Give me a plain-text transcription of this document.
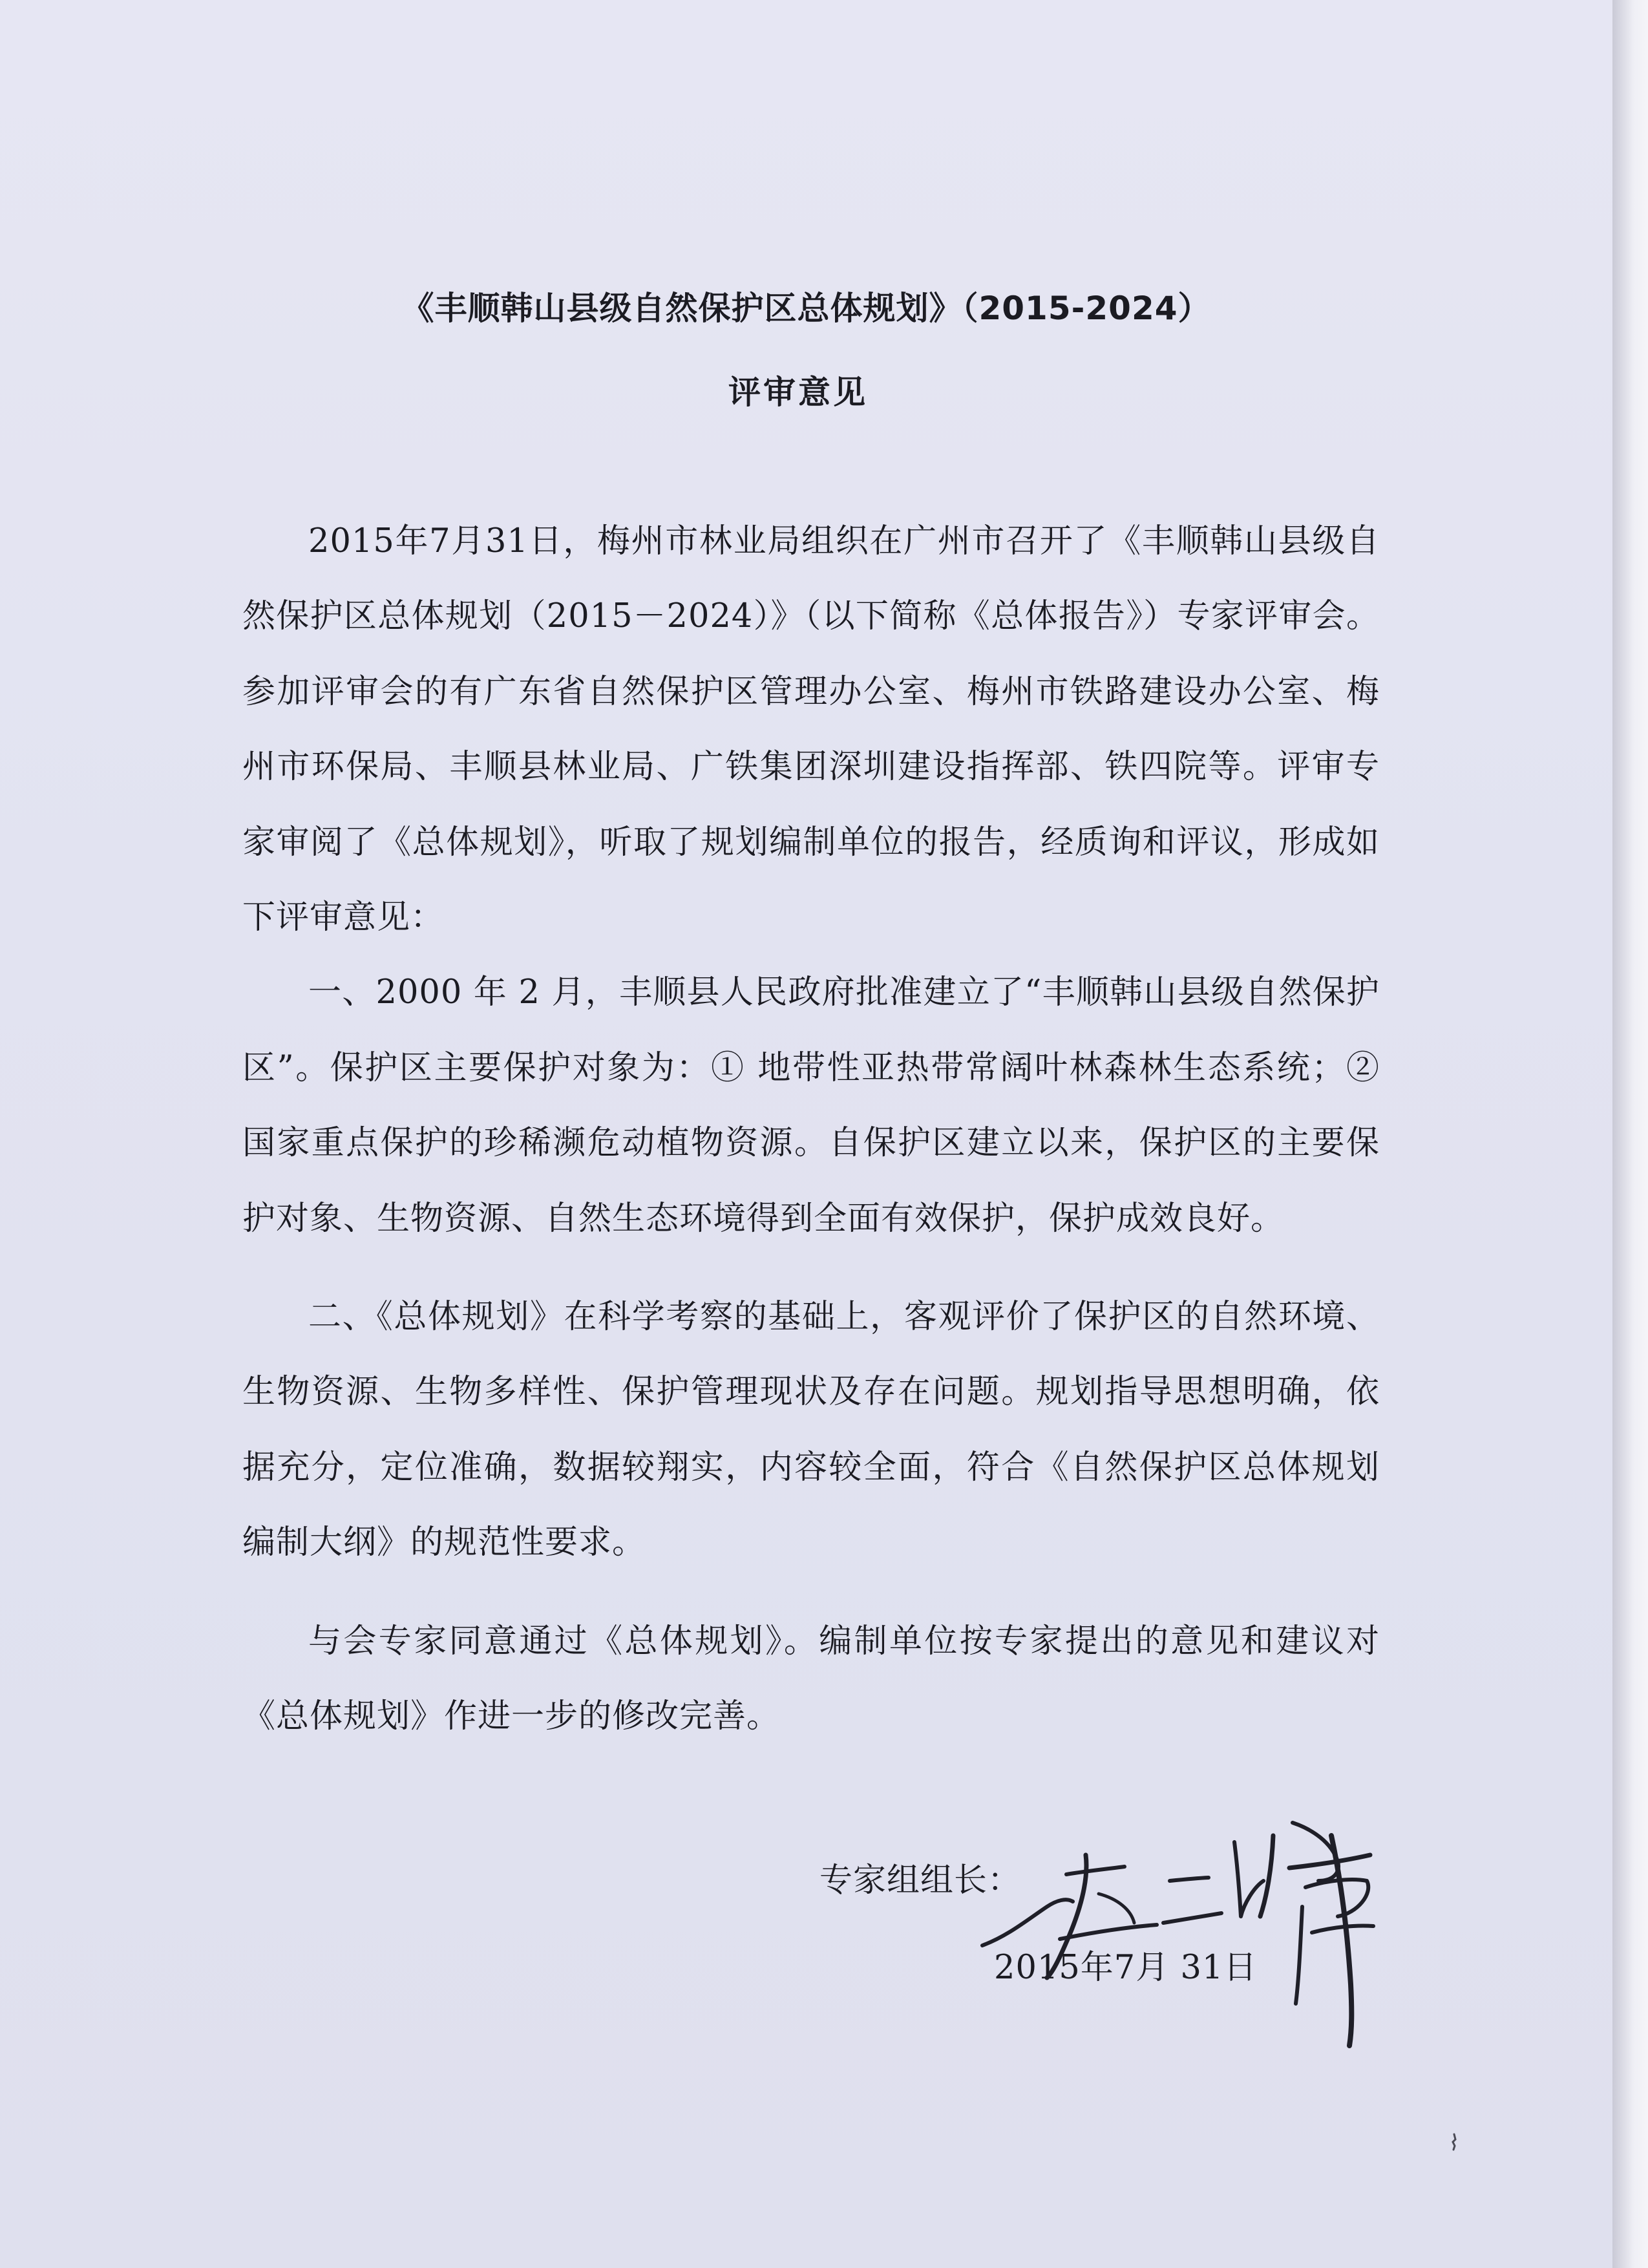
《丰顺韩山县级自然保护区总体规划》（2015-2024）
评审意见

2015年7月31日，梅州市林业局组织在广州市召开了《丰顺韩山县级自然保护区总体规划（2015－2024）》（以下简称《总体报告》）专家评审会。参加评审会的有广东省自然保护区管理办公室、梅州市铁路建设办公室、梅州市环保局、丰顺县林业局、广铁集团深圳建设指挥部、铁四院等。评审专家审阅了《总体规划》，听取了规划编制单位的报告，经质询和评议，形成如下评审意见：

一、2000 年 2 月，丰顺县人民政府批准建立了“丰顺韩山县级自然保护区”。保护区主要保护对象为：① 地带性亚热带常阔叶林森林生态系统；② 国家重点保护的珍稀濒危动植物资源。自保护区建立以来，保护区的主要保护对象、生物资源、自然生态环境得到全面有效保护，保护成效良好。

二、《总体规划》在科学考察的基础上，客观评价了保护区的自然环境、生物资源、生物多样性、保护管理现状及存在问题。规划指导思想明确，依据充分，定位准确，数据较翔实，内容较全面，符合《自然保护区总体规划编制大纲》的规范性要求。

与会专家同意通过《总体规划》。编制单位按专家提出的意见和建议对《总体规划》作进一步的修改完善。

专家组组长：
2015年7月 31日
